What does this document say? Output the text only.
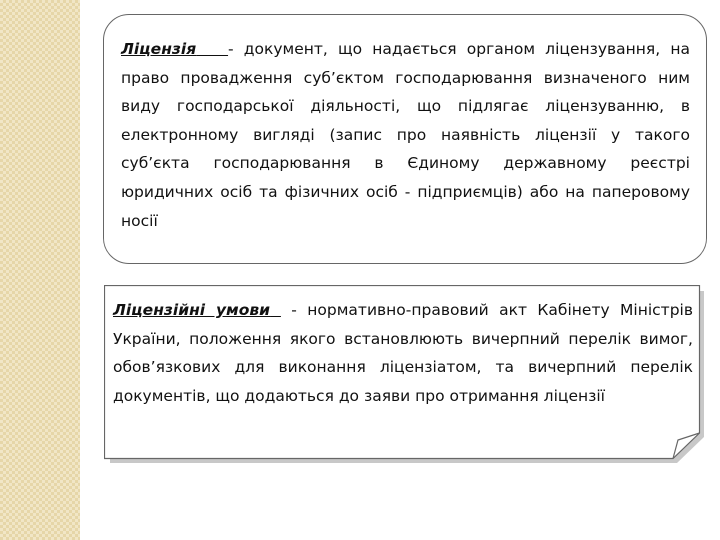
Ліцензія - документ, що надається органом ліцензування, на право провадження суб’єктом господарювання визначеного ним виду господарської діяльності, що підлягає ліцензуванню, в електронному вигляді (запис про наявність ліцензії у такого суб’єкта господарювання в Єдиному державному реєстрі юридичних осіб та фізичних осіб - підприємців) або на паперовому носії
Ліцензійні умови  - нормативно-правовий акт Кабінету Міністрів України, положення якого встановлюють вичерпний перелік вимог, обов’язкових для виконання ліцензіатом, та вичерпний перелік документів, що додаються до заяви про отримання ліцензії
